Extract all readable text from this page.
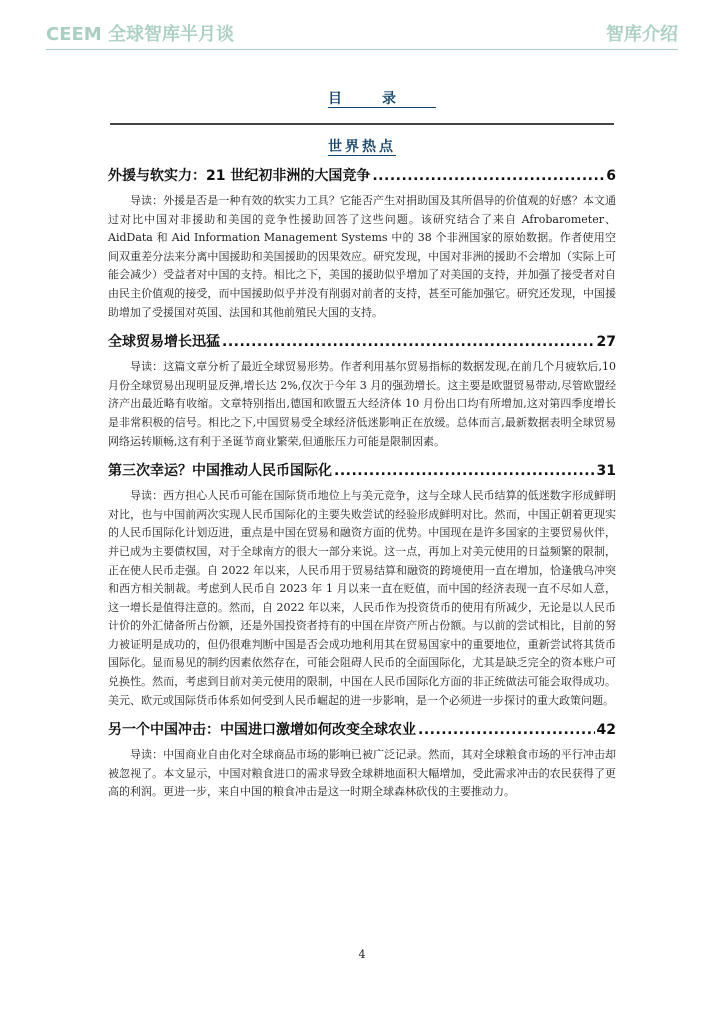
CEEM 全球智库半月谈	智库介绍
目录
世界热点
外援与软实力：21 世纪初非洲的大国竞争 .....	6
导读：外援是否是一种有效的软实力工具？它能否产生对捐助国及其所倡导的价值观的好感？本文通过对比中国对非援助和美国的竞争性援助回答了这些问题。该研究结合了来自 Afrobarometer、AidData 和 Aid Information Management Systems 中的 38 个非洲国家的原始数据。作者使用空间双重差分法来分离中国援助和美国援助的因果效应。研究发现，中国对非洲的援助不会增加（实际上可能会减少）受益者对中国的支持。相比之下，美国的援助似乎增加了对美国的支持，并加强了接受者对自由民主价值观的接受，而中国援助似乎并没有削弱对前者的支持，甚至可能加强它。研究还发现，中国援助增加了受援国对英国、法国和其他前殖民大国的支持。
全球贸易增长迅猛 .....	27
导读：这篇文章分析了最近全球贸易形势。作者利用基尔贸易指标的数据发现,在前几个月疲软后,10 月份全球贸易出现明显反弹,增长达 2%,仅次于今年 3 月的强劲增长。这主要是欧盟贸易带动,尽管欧盟经济产出最近略有收缩。文章特别指出,德国和欧盟五大经济体 10 月份出口均有所增加,这对第四季度增长是非常积极的信号。相比之下,中国贸易受全球经济低迷影响正在放缓。总体而言,最新数据表明全球贸易网络运转顺畅,这有利于圣诞节商业繁荣,但通胀压力可能是限制因素。
第三次幸运？中国推动人民币国际化 .....	31
导读：西方担心人民币可能在国际货币地位上与美元竞争，这与全球人民币结算的低迷数字形成鲜明对比，也与中国前两次实现人民币国际化的主要失败尝试的经验形成鲜明对比。然而，中国正朝着更现实的人民币国际化计划迈进，重点是中国在贸易和融资方面的优势。中国现在是许多国家的主要贸易伙伴，并已成为主要债权国，对于全球南方的很大一部分来说。这一点，再加上对美元使用的日益频繁的限制，正在使人民币走强。自 2022 年以来，人民币用于贸易结算和融资的跨境使用一直在增加，恰逢俄乌冲突和西方相关制裁。考虑到人民币自 2023 年 1 月以来一直在贬值，而中国的经济表现一直不尽如人意，这一增长是值得注意的。然而，自 2022 年以来，人民币作为投资货币的使用有所减少，无论是以人民币计价的外汇储备所占份额，还是外国投资者持有的中国在岸资产所占份额。与以前的尝试相比，目前的努力被证明是成功的，但仍很难判断中国是否会成功地利用其在贸易国家中的重要地位，重新尝试将其货币国际化。显而易见的制约因素依然存在，可能会阻碍人民币的全面国际化，尤其是缺乏完全的资本账户可兑换性。然而，考虑到目前对美元使用的限制，中国在人民币国际化方面的非正统做法可能会取得成功。美元、欧元或国际货币体系如何受到人民币崛起的进一步影响，是一个必须进一步探讨的重大政策问题。
另一个中国冲击：中国进口激增如何改变全球农业 .....	42
导读：中国商业自由化对全球商品市场的影响已被广泛记录。然而，其对全球粮食市场的平行冲击却被忽视了。本文显示，中国对粮食进口的需求导致全球耕地面积大幅增加，受此需求冲击的农民获得了更高的利润。更进一步，来自中国的粮食冲击是这一时期全球森林砍伐的主要推动力。
4
